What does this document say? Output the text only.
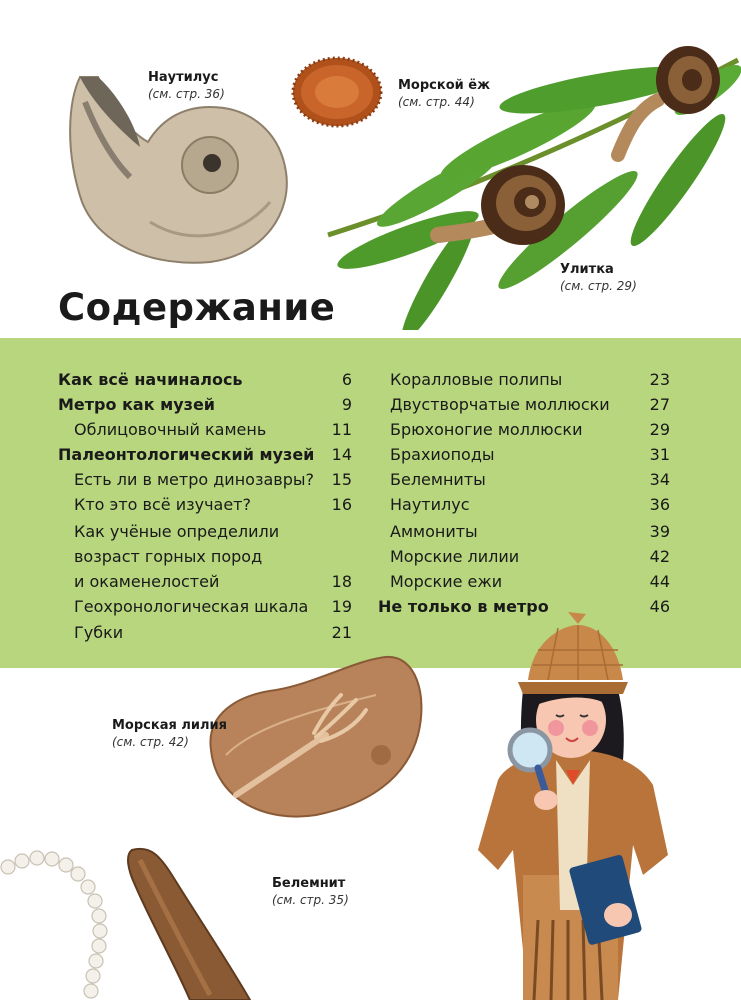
Наутилус
(см. стр. 36)
Морской ёж
(см. стр. 44)
Улитка
(см. стр. 29)
Содержание
Как всё начиналось	6
Метро как музей	9
Облицовочный камень	11
Палеонтологический музей 14
Есть ли в метро динозавры? 15
Кто это всё изучает?	16
Как учёные определили
возраст горных пород
и окаменелостей	18
Геохронологическая шкала 19
Губки	21
Коралловые полипы	23
Двустворчатые моллюски 27
Брюхоногие моллюски	29
Брахиоподы	31
Белемниты	34
Наутилус	36
Аммониты	39
Морские лилии	42
Морские ежи	44
Не только в метро	46
Морская лилия
(см. стр. 42)
Белемнит
(см. стр. 35)
